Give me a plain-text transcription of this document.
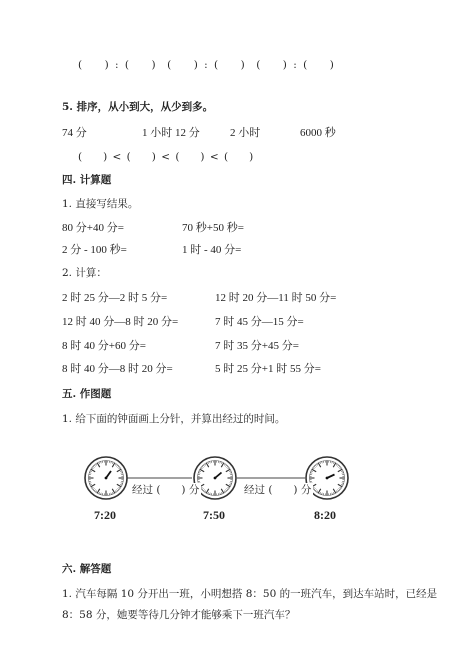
(　　) : (　　)　(　　) : (　　)　(　　) : (　　)
5. 排序，从小到大，从少到多。
74 分	1 小时 12 分	2 小时	6000 秒
(　　) < (　　) < (　　) < (　　)
四. 计算题
1. 直接写结果。
80 分+40 分=	70 秒+50 秒=
2 分 - 100 秒=	1 时 - 40 分=
2. 计算：
2 时 25 分—2 时 5 分=	12 时 20 分—11 时 50 分=
12 时 40 分—8 时 20 分=	7 时 45 分—15 分=
8 时 40 分+60 分=	7 时 35 分+45 分=
8 时 40 分—8 时 20 分=	5 时 25 分+1 时 55 分=
五. 作图题
1. 给下面的钟面画上分针，并算出经过的时间。
经过 (　　) 分	经过 (　　) 分
7:20	7:50	8:20
六. 解答题
1. 汽车每隔 10 分开出一班，小明想搭 8：50 的一班汽车，到达车站时，已经是
8：58 分，她要等待几分钟才能够乘下一班汽车？
